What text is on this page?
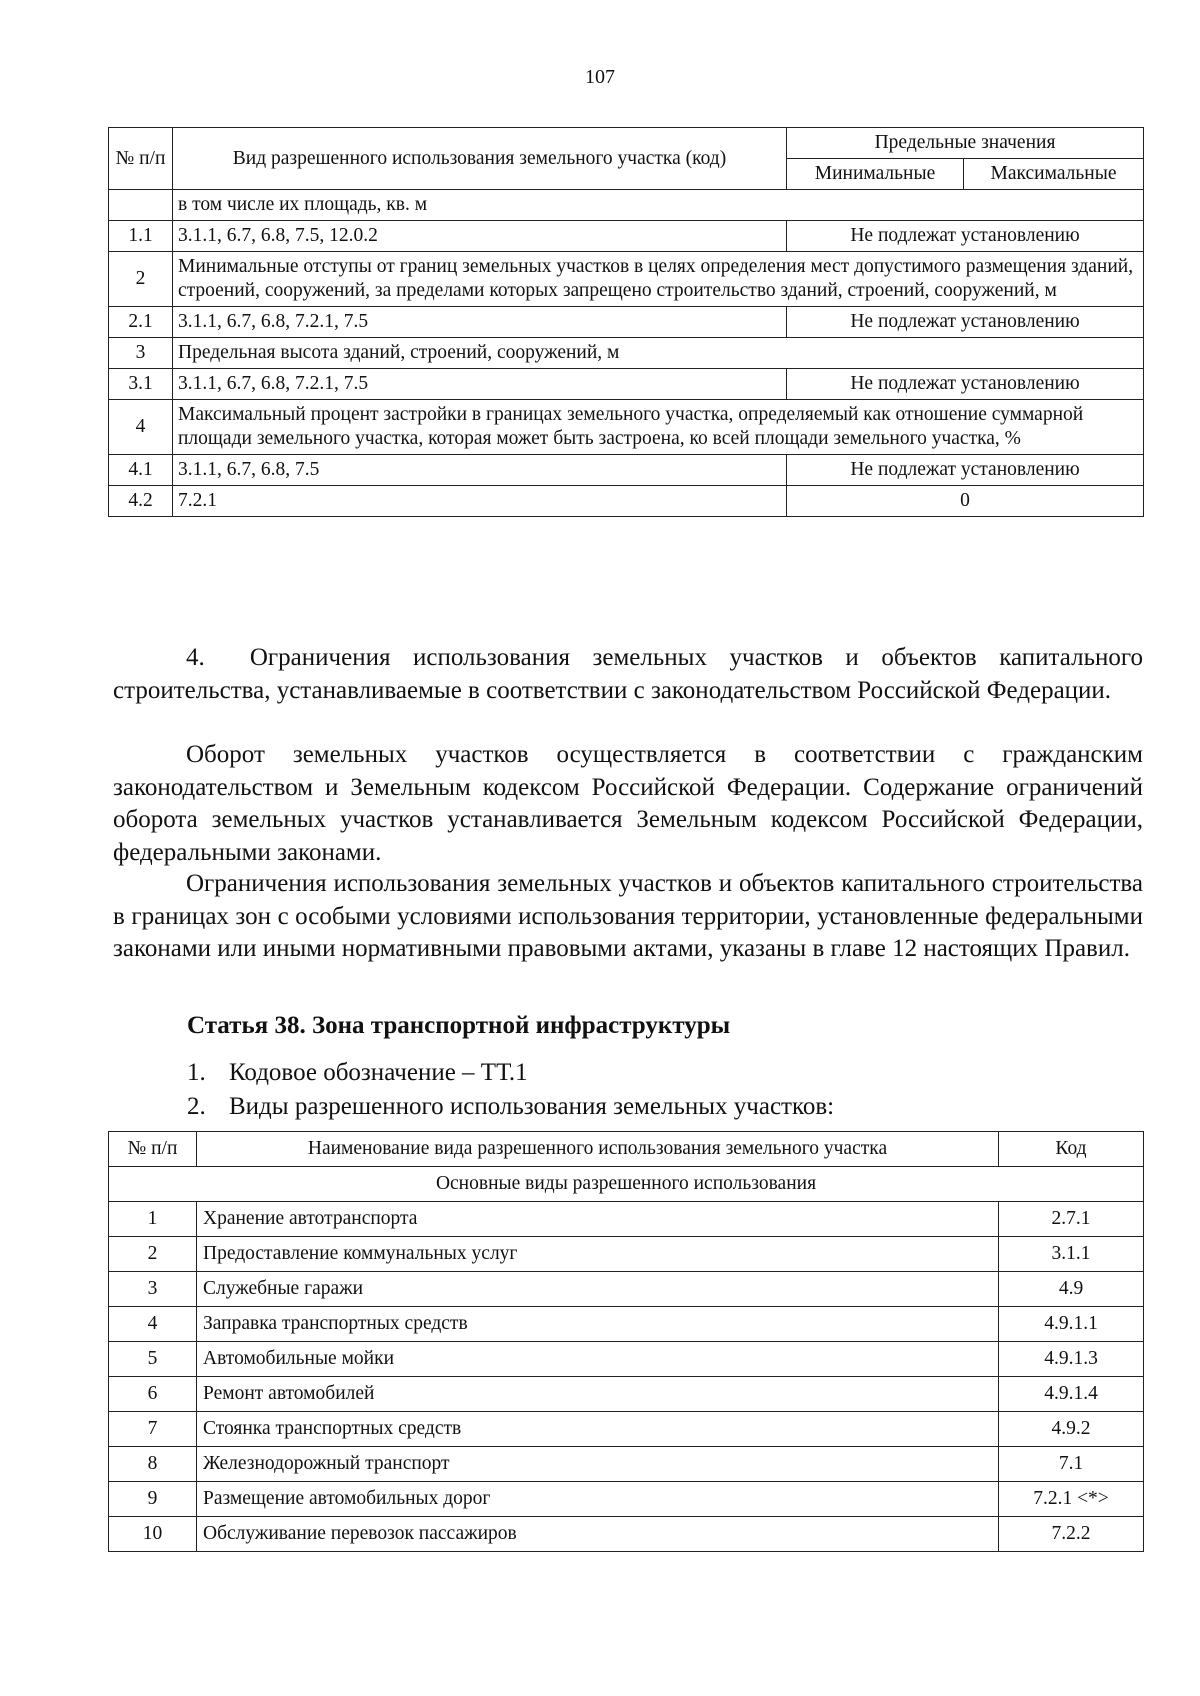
107
№ п/п	Вид разрешенного использования земельного участка (код)	Предельные значения	
		Минимальные	Максимальные
	в том числе их площадь, кв. м		
1.1	3.1.1, 6.7, 6.8, 7.5, 12.0.2	Не подлежат установлению	
2	Минимальные отступы от границ земельных участков в целях определения мест допустимого размещения зданий, строений, сооружений, за пределами которых запрещено строительство зданий, строений, сооружений, м		
2.1	3.1.1, 6.7, 6.8, 7.2.1, 7.5	Не подлежат установлению	
3	Предельная высота зданий, строений, сооружений, м		
3.1	3.1.1, 6.7, 6.8, 7.2.1, 7.5	Не подлежат установлению	
4	Максимальный процент застройки в границах земельного участка, определяемый как отношение суммарной площади земельного участка, которая может быть застроена, ко всей площади земельного участка, %		
4.1	3.1.1, 6.7, 6.8, 7.5	Не подлежат установлению	
4.2	7.2.1	0	
4.  Ограничения использования земельных участков и объектов капитального строительства, устанавливаемые в соответствии с законодательством Российской Федерации.
Оборот земельных участков осуществляется в соответствии с гражданским законодательством и Земельным кодексом Российской Федерации. Содержание ограничений оборота земельных участков устанавливается Земельным кодексом Российской Федерации, федеральными законами.
Ограничения использования земельных участков и объектов капитального строительства в границах зон с особыми условиями использования территории, установленные федеральными законами или иными нормативными правовыми актами, указаны в главе 12 настоящих Правил.
Статья 38. Зона транспортной инфраструктуры
1. Кодовое обозначение – ТТ.1
2. Виды разрешенного использования земельных участков:
№ п/п	Наименование вида разрешенного использования земельного участка	Код
Основные виды разрешенного использования		
1	Хранение автотранспорта	2.7.1
2	Предоставление коммунальных услуг	3.1.1
3	Служебные гаражи	4.9
4	Заправка транспортных средств	4.9.1.1
5	Автомобильные мойки	4.9.1.3
6	Ремонт автомобилей	4.9.1.4
7	Стоянка транспортных средств	4.9.2
8	Железнодорожный транспорт	7.1
9	Размещение автомобильных дорог	7.2.1 <*>
10	Обслуживание перевозок пассажиров	7.2.2
